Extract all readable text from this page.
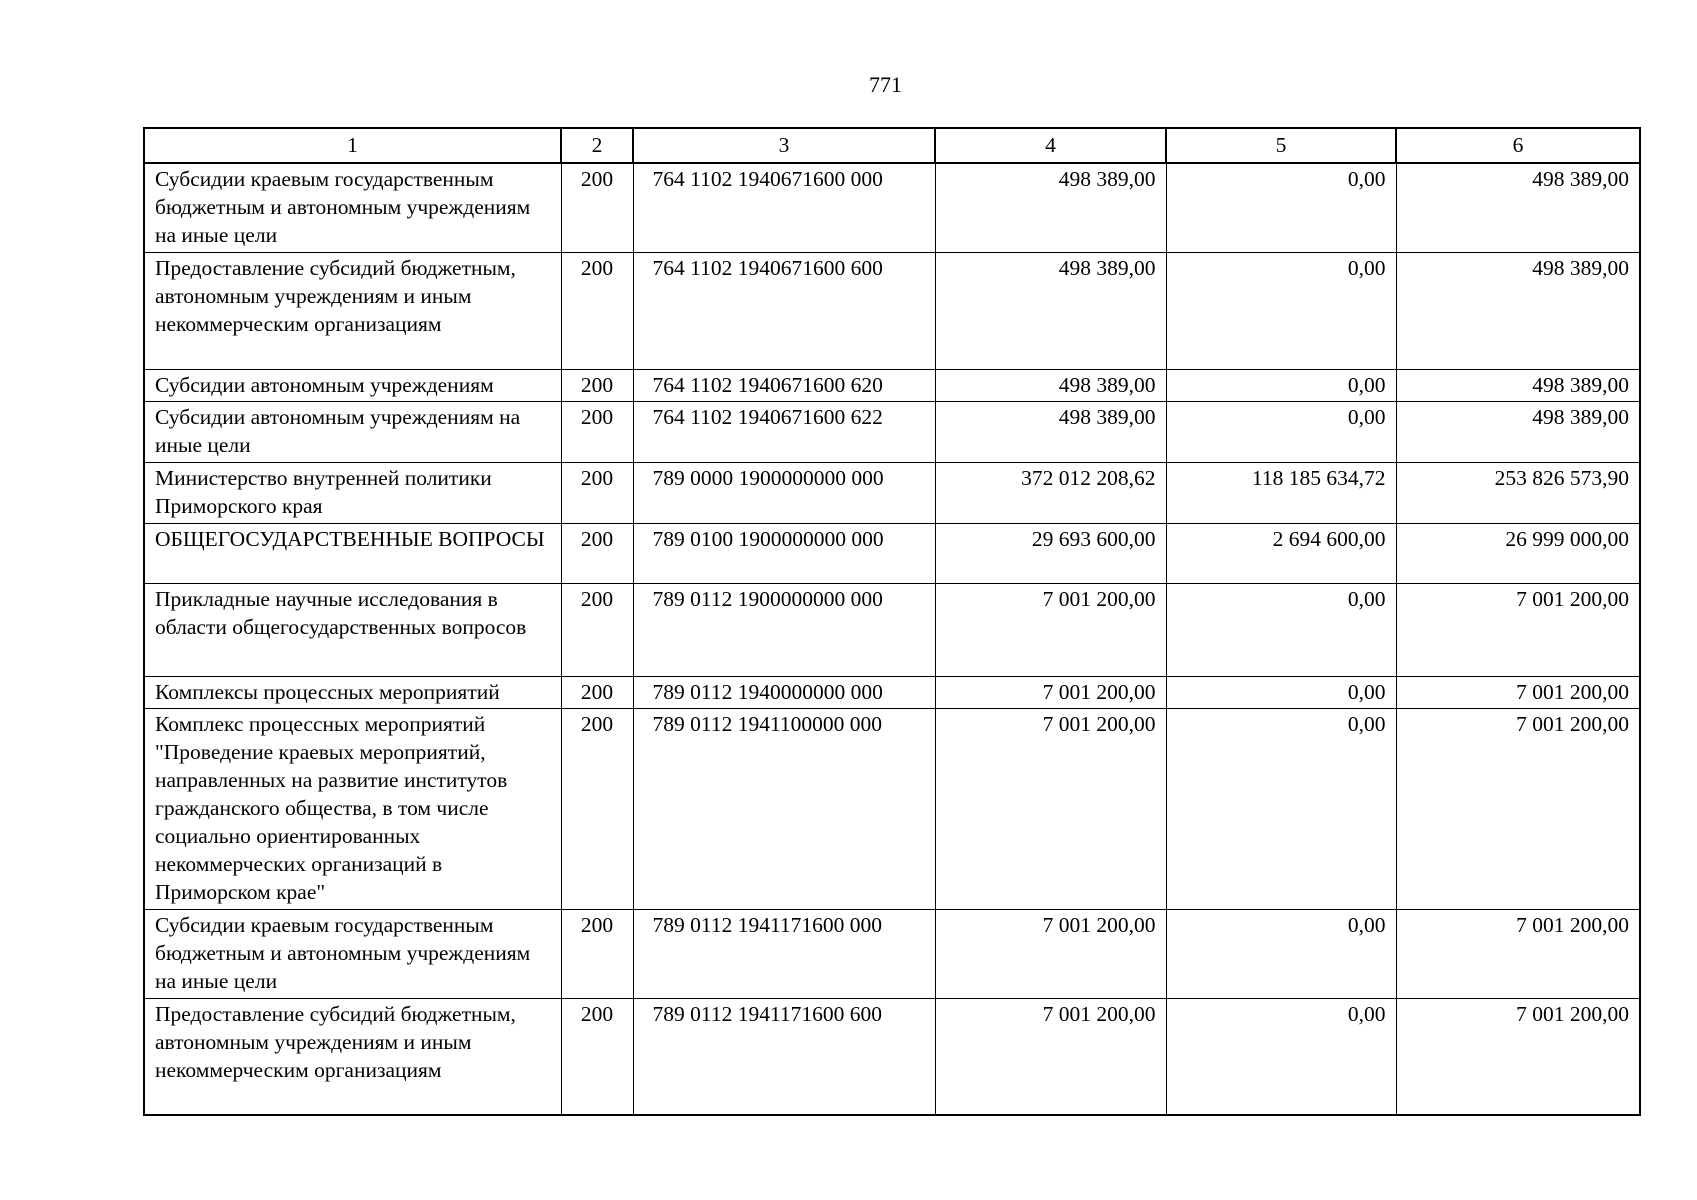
771
1	2	3	4	5	6
Субсидии краевым государственным бюджетным и автономным учреждениям на иные цели	200	764 1102 1940671600 000	498 389,00	0,00	498 389,00
Предоставление субсидий бюджетным, автономным учреждениям и иным некоммерческим организациям	200	764 1102 1940671600 600	498 389,00	0,00	498 389,00
Субсидии автономным учреждениям	200	764 1102 1940671600 620	498 389,00	0,00	498 389,00
Субсидии автономным учреждениям на иные цели	200	764 1102 1940671600 622	498 389,00	0,00	498 389,00
Министерство внутренней политики Приморского края	200	789 0000 1900000000 000	372 012 208,62	118 185 634,72	253 826 573,90
ОБЩЕГОСУДАРСТВЕННЫЕ ВОПРОСЫ	200	789 0100 1900000000 000	29 693 600,00	2 694 600,00	26 999 000,00
Прикладные научные исследования в области общегосударственных вопросов	200	789 0112 1900000000 000	7 001 200,00	0,00	7 001 200,00
Комплексы процессных мероприятий	200	789 0112 1940000000 000	7 001 200,00	0,00	7 001 200,00
Комплекс процессных мероприятий "Проведение краевых мероприятий, направленных на развитие институтов гражданского общества, в том числе социально ориентированных некоммерческих организаций в Приморском крае"	200	789 0112 1941100000 000	7 001 200,00	0,00	7 001 200,00
Субсидии краевым государственным бюджетным и автономным учреждениям на иные цели	200	789 0112 1941171600 000	7 001 200,00	0,00	7 001 200,00
Предоставление субсидий бюджетным, автономным учреждениям и иным некоммерческим организациям	200	789 0112 1941171600 600	7 001 200,00	0,00	7 001 200,00
